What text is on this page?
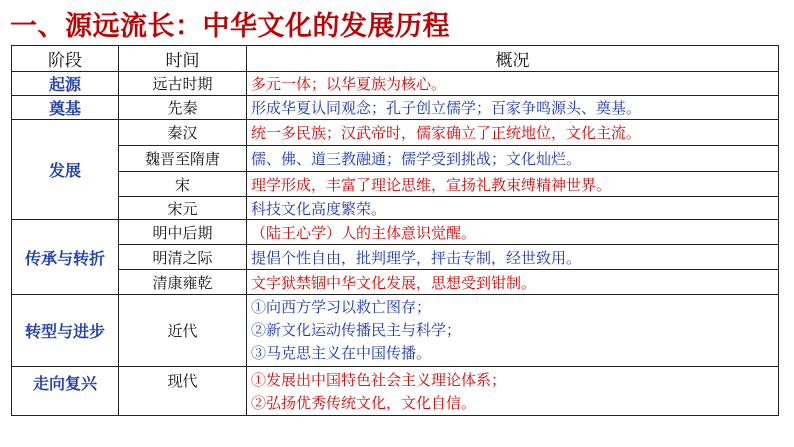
一、源远流长：中华文化的发展历程
阶段	时间	概况
起源	远古时期	多元一体；以华夏族为核心。
奠基	先秦	形成华夏认同观念；孔子创立儒学；百家争鸣源头、奠基。
发展	秦汉	统一多民族；汉武帝时，儒家确立了正统地位，文化主流。
	魏晋至隋唐	儒、佛、道三教融通；儒学受到挑战；文化灿烂。
	宋	理学形成，丰富了理论思维，宣扬礼教束缚精神世界。
	宋元	科技文化高度繁荣。
传承与转折	明中后期	（陆王心学）人的主体意识觉醒。
	明清之际	提倡个性自由，批判理学，抨击专制，经世致用。
	清康雍乾	文字狱禁锢中华文化发展，思想受到钳制。
转型与进步	近代	①向西方学习以救亡图存；
②新文化运动传播民主与科学；
③马克思主义在中国传播。

走向复兴	现代	①发展出中国特色社会主义理论体系；
②弘扬优秀传统文化，文化自信。
